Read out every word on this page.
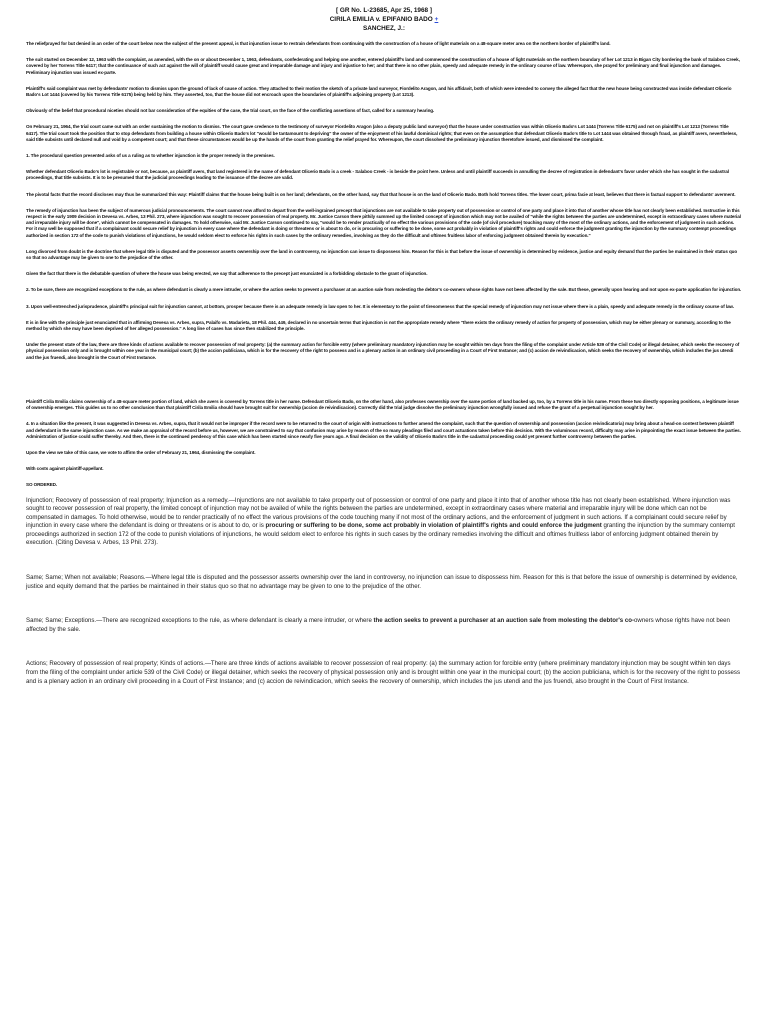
[ GR No. L-23685, Apr 25, 1968 ]
CIRILA EMILIA v. EPIFANIO BADO +
SANCHEZ, J.:

The reliefprayed for but denied in an order of the court below now the subject of the present appeal, is that injunction issue to restrain defendants from continuing with the construction of a house of light materials on a 48-square meter area on the northern border of plaintiff's land.

The suit started on December 12, 1963 with the complaint, as amended, with the on or about December 1, 1963, defendants, confederating and helping one another, entered plaintiff's land and commenced the construction of a house of light materials on the northern boundary of her Lot 1213 in Bigan City bordering the bank of Salaboo Creek, covered by her Torrens Title 6417; that the continuance of such act against the will of plaintiff would cause great and irreparable damage and injury and injustice to her; and that there is no other plain, speedy and adequate remedy in the ordinary course of law. Whereupon, she prayed for preliminary and final injunction and damages. Preliminary injunction was issued ex-parte.

Plaintiff's said complaint was met by defendants' motion to dismiss upon the ground of lack of cause of action. They attached to their motion the sketch of a private land surveyor, Fiordelito Aragon, and his affidavit, both of which were intended to convey the alleged fact that the new house being constructed was inside defendant Olicerio Bado's Lot 1444 (covered by his Torrens Title 6175) being held by him. They asserted, too, that the house did not encroach upon the boundaries of plaintiff's adjoining property (Lot 1213).

Obviously of the belief that procedural niceties should not bar consideration of the equities of the case, the trial court, on the face of the conflicting assertions of fact, called for a summary hearing.

On February 21, 1964, the trial court came out with an order sustaining the motion to dismiss. The court gave credence to the testimony of surveyor Fiordelito Aragon (also a deputy public land surveyor) that the house under construction was within Olicerio Bado's Lot 1444 (Torrens Title 6175) and not on plaintiff's Lot 1213 (Torrens Title 6417). The trial court took the position that to stop defendants from building a house within Olicerio Bado's lot "would be tantamount to depriving" the owner of the enjoyment of his lawful dominical rights; that even on the assumption that defendant Olicerio Bado's title to Lot 1444 was obtained through fraud, as plaintiff avers, nevertheless, said title subsists until declared null and void by a competent court; and that these circumstances would be up the hands of the court from granting the relief prayed for. Whereupon, the court dissolved the preliminary injunction theretofore issued, and dismissed the complaint.

1. The procedural question presented asks of us a ruling as to whether injunction is the proper remedy in the premises.

Whether defendant Olicerio Bado's lot is registrable or not, because, as plaintiff avers, that land registered in the name of defendant Olicerio Bado is a creek - Salaboo Creek - is beside the point here. Unless and until plaintiff succeeds in annulling the decree of registration in defendant's favor under which she has sought in the cadastral proceedings, that title subsists. It is to be presumed that the judicial proceedings leading to the issuance of the decree are valid.

The pivotal facts that the record discloses may thus be summarized this way: Plaintiff claims that the house being built is on her land; defendants, on the other hand, say that that house is on the land of Olicerio Bado. Both hold Torrens titles. The lower court, prima facie at least, believes that there is factual support to defendants' averment.

The remedy of injunction has been the subject of numerous judicial pronouncements. The court cannot now afford to depart from the well-ingrained precept that injunctions are not available to take property out of possession or control of one party and place it into that of another whose title has not clearly been established. Instructive in this respect is the early 1909 decision in Devesa vs. Arbes, 13 Phil. 273, where injunction was sought to recover possession of real property. Mr. Justice Carson there pithily summed up the limited concept of injunction which may not be availed of "while the rights between the parties are undetermined, except in extraordinary cases where material and irreparable injury will be done", which cannot be compensated in damages. To hold otherwise, said Mr. Justice Carson continued to say, "would be to render practically of no effect the various provisions of the code (of civil procedure) touching many of the most of the ordinary actions, and the enforcement of judgment in such actions. For it may well be supposed that if a complainant could secure relief by injunction in every case where the defendant is doing or threatens or is about to do, or is procuring or suffering to be done, some act probably in violation of plaintiff's rights and could enforce the judgment granting the injunction by the summary contempt proceedings authorized in section 172 of the code to punish violations of injunctions, he would seldom elect to enforce his rights in such cases by the ordinary remedies, involving as they do the difficult and oftimes fruitless labor of enforcing judgment obtained therein by execution."

Long divorced from doubt is the doctrine that where legal title is disputed and the possessor asserts ownership over the land in controversy, no injunction can issue to dispossess him. Reason for this is that before the issue of ownership is determined by evidence, justice and equity demand that the parties be maintained in their status quo so that no advantage may be given to one to the prejudice of the other.

Given the fact that there is the debatable question of where the house was being erected, we say that adherence to the precept just enunciated is a forbidding obstacle to the grant of injunction.

2. To be sure, there are recognized exceptions to the rule, as where defendant is clearly a mere intruder, or where the action seeks to prevent a purchaser at an auction sale from molesting the debtor's co-owners whose rights have not been affected by the sale. But these, generally upon hearing and not upon ex-parte application for injunction.

3. Upon well-entrenched jurisprudence, plaintiff's principal suit for injunction cannot, at bottom, prosper because there is an adequate remedy in law open to her. It is elementary to the point of tiresomeness that the special remedy of injunction may not issue where there is a plain, speedy and adequate remedy in the ordinary course of law.

It is in line with the principle just enunciated that in affirming Devesa vs. Arbes, supra, Palaifo vs. Madarieta, 18 Phil. 444, 449, declared in no uncertain terms that injunction is not the appropriate remedy where "there exists the ordinary remedy of action for property of possession, which may be either plenary or summary, according to the method by which she may have been deprived of her alleged possession." A long line of cases has since then stabilized the principle.

Under the present state of the law, there are three kinds of actions available to recover possession of real property: (a) the summary action for forcible entry (where preliminary mandatory injunction may be sought within ten days from the filing of the complaint under Article 539 of the Civil Code) or illegal detainer, which seeks the recovery of physical possession only and is brought within one year in the municipal court; (b) the accion publiciana, which is for the recovery of the right to possess and is a plenary action in an ordinary civil proceeding in a Court of First Instance; and (c) accion de reivindicacion, which seeks the recovery of ownership, which includes the jus utendi and the jus fruendi, also brought in the Court of First Instance.

Plaintiff Cirila Emilia claims ownership of a 48-square meter portion of land, which she avers is covered by Torrens title in her name. Defendant Olicerio Bado, on the other hand, also professes ownership over the same portion of land backed up, too, by a Torrens title in his name. From these two directly opposing positions, a legitimate issue of ownership emerges. This guides us to no other conclusion than that plaintiff Cirila Emilia should have brought suit for ownership (accion de reivindicacion). Correctly did the trial judge dissolve the preliminary injunction wrongfully issued and refuse the grant of a perpetual injunction sought by her.

4. In a situation like the present, it was suggested in Devesa vs. Arbes, supra, that it would not be improper if the record were to be returned to the court of origin with instructions to further amend the complaint, such that the question of ownership and possession (accion reivindicatoria) may bring about a head-on contest between plaintiff and defendant in the same injunction case. As we make an appraisal of the record before us, however, we are constrained to say that confusion may arise by reason of the so many pleadings filed and court actuations taken before this decision. With the voluminous record, difficulty may arise in pinpointing the exact issue between the parties. Administration of justice could suffer thereby. And then, there is the continued pendency of this case which has been started since nearly five years ago. A final decision on the validity of Olicerio Bado's title in the cadastral proceeding could yet present further controversy between the parties.

Upon the view we take of this case, we vote to affirm the order of February 21, 1964, dismissing the complaint.

With costs against plaintiff-appellant.

SO ORDERED.

Injunction; Recovery of possession of real property; Injunction as a remedy.—Injunctions are not available to take property out of possession or control of one party and place it into that of another whose title has not clearly been established. Where injunction was sought to recover possession of real property, the limited concept of injunction may not be availed of while the rights between the parties are undetermined, except in extraordinary cases where material and irreparable injury will be done which can not be compensated in damages. To hold otherwise, would be to render practically of no effect the various provisions of the code touching many if not most of the ordinary actions, and the enforcement of judgment in such actions. If a complainant could secure relief by injunction in every case where the defendant is doing or threatens or is about to do, or is procuring or suffering to be done, some act probably in violation of plaintiff's rights and could enforce the judgment granting the injunction by the summary contempt proceedings authorized in section 172 of the code to punish violations of injunctions, he would seldom elect to enforce his rights in such cases by the ordinary remedies involving the difficult and oftimes fruitless labor of enforcing judgment obtained therein by execution. (Citing Devesa v. Arbes, 13 Phil. 273).

Same; Same; When not available; Reasons.—Where legal title is disputed and the possessor asserts ownership over the land in controversy, no injunction can issue to dispossess him. Reason for this is that before the issue of ownership is determined by evidence, justice and equity demand that the parties be maintained in their status quo so that no advantage may be given to one to the prejudice of the other.

Same; Same; Exceptions.—There are recognized exceptions to the rule, as where defendant is clearly a mere intruder, or where the action seeks to prevent a purchaser at an auction sale from molesting the debtor's co-owners whose rights have not been affected by the sale.

Actions; Recovery of possession of real property; Kinds of actions.—There are three kinds of actions available to recover possession of real property: (a) the summary action for forcible entry (where preliminary mandatory injunction may be sought within ten days from the filing of the complaint under article 539 of the Civil Code) or illegal detainer, which seeks the recovery of physical possession only and is brought within one year in the municipal court; (b) the accion publiciana, which is for the recovery of the right to possess and is a plenary action in an ordinary civil proceeding in a Court of First Instance; and (c) accion de reivindicacion, which seeks the recovery of ownership, which includes the jus utendi and the jus fruendi, also brought in the Court of First Instance.
